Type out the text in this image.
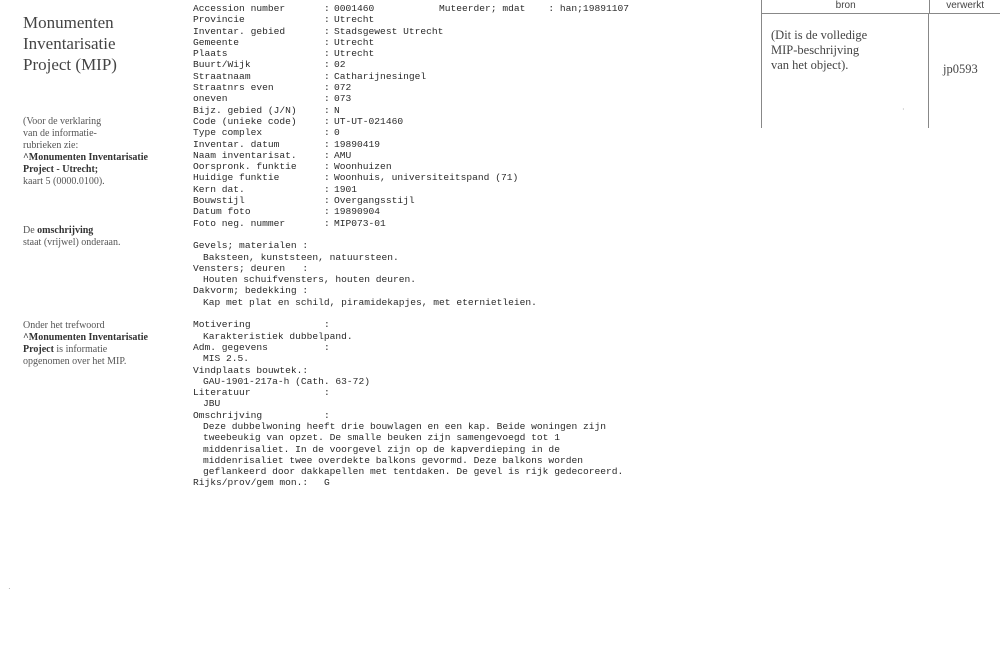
Monumenten
Inventarisatie
Project (MIP)
(Voor de verklaring
van de informatie-
rubrieken zie:
^Monumenten Inventarisatie
Project - Utrecht;
kaart 5 (0000.0100).
De omschrijving
staat (vrijwel) onderaan.
Onder het trefwoord
^Monumenten Inventarisatie
Project is informatie
opgenomen over het MIP.
·
Muteerder; mdat : han;19891107
Accession number	: 0001460
Provincie	: Utrecht
Inventar. gebied	: Stadsgewest Utrecht
Gemeente	: Utrecht
Plaats	: Utrecht
Buurt/Wijk	: 02
Straatnaam	: Catharijnesingel
Straatnrs even	: 072
oneven	: 073
Bijz. gebied (J/N)	: N
Code (unieke code)	: UT-UT-021460
Type complex	: 0
Inventar. datum	: 19890419
Naam inventarisat.	: AMU
Oorspronk. funktie	: Woonhuizen
Huidige funktie	: Woonhuis, universiteitspand (71)
Kern dat.	: 1901
Bouwstijl	: Overgangsstijl
Datum foto	: 19890904
Foto neg. nummer	: MIP073-01
Gevels; materialen :
Baksteen, kunststeen, natuursteen.
Vensters; deuren   :
Houten schuifvensters, houten deuren.
Dakvorm; bedekking :
Kap met plat en schild, piramidekapjes, met eternietleien.
Motivering	:
Karakteristiek dubbelpand.
Adm. gegevens	:
MIS 2.5.
Vindplaats bouwtek.:
GAU-1901-217a-h (Cath. 63-72)
Literatuur	:
JBU
Omschrijving	:
Deze dubbelwoning heeft drie bouwlagen en een kap. Beide woningen zijn
tweebeukig van opzet. De smalle beuken zijn samengevoegd tot 1
middenrisaliet. In de voorgevel zijn op de kapverdieping in de
middenrisaliet twee overdekte balkons gevormd. Deze balkons worden
geflankeerd door dakkapellen met tentdaken. De gevel is rijk gedecoreerd.
Rijks/prov/gem mon.:	G
bron	verwerkt
(Dit is de volledige
MIP-beschrijving
van het object).
·
jp0593
